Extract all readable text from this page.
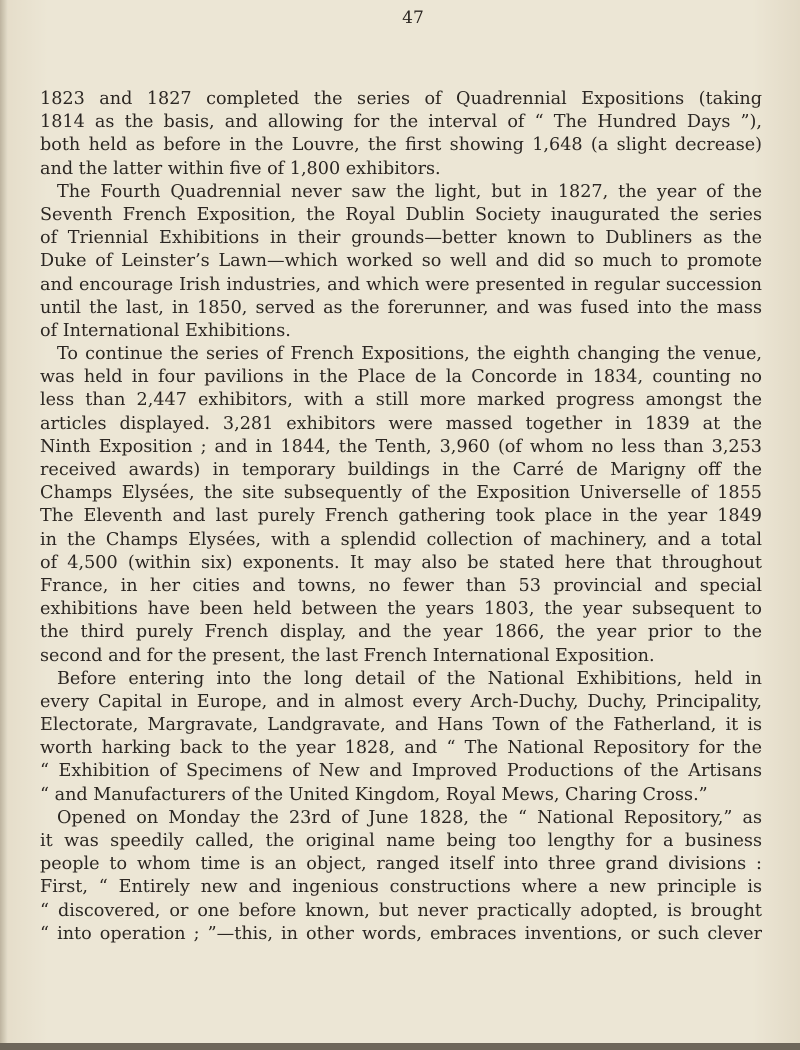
47
1823 and 1827 completed the series of Quadrennial Expositions (taking
1814 as the basis, and allowing for the interval of “ The Hundred Days ”),
both held as before in the Louvre, the first showing 1,648 (a slight decrease)
and the latter within five of 1,800 exhibitors.
The Fourth Quadrennial never saw the light, but in 1827, the year of the
Seventh French Exposition, the Royal Dublin Society inaugurated the series
of Triennial Exhibitions in their grounds—better known to Dubliners as the
Duke of Leinster’s Lawn—which worked so well and did so much to promote
and encourage Irish industries, and which were presented in regular succession
until the last, in 1850, served as the forerunner, and was fused into the mass
of International Exhibitions.
To continue the series of French Expositions, the eighth changing the venue,
was held in four pavilions in the Place de la Concorde in 1834, counting no
less than 2,447 exhibitors, with a still more marked progress amongst the
articles displayed. 3,281 exhibitors were massed together in 1839 at the
Ninth Exposition ; and in 1844, the Tenth, 3,960 (of whom no less than 3,253
received awards) in temporary buildings in the Carré de Marigny off the
Champs Elysées, the site subsequently of the Exposition Universelle of 1855
The Eleventh and last purely French gathering took place in the year 1849
in the Champs Elysées, with a splendid collection of machinery, and a total
of 4,500 (within six) exponents. It may also be stated here that throughout
France, in her cities and towns, no fewer than 53 provincial and special
exhibitions have been held between the years 1803, the year subsequent to
the third purely French display, and the year 1866, the year prior to the
second and for the present, the last French International Exposition.
Before entering into the long detail of the National Exhibitions, held in
every Capital in Europe, and in almost every Arch-Duchy, Duchy, Principality,
Electorate, Margravate, Landgravate, and Hans Town of the Fatherland, it is
worth harking back to the year 1828, and “ The National Repository for the
“ Exhibition of Specimens of New and Improved Productions of the Artisans
“ and Manufacturers of the United Kingdom, Royal Mews, Charing Cross.”
Opened on Monday the 23rd of June 1828, the “ National Repository,” as
it was speedily called, the original name being too lengthy for a business
people to whom time is an object, ranged itself into three grand divisions :
First, “ Entirely new and ingenious constructions where a new principle is
“ discovered, or one before known, but never practically adopted, is brought
“ into operation ; ”—this, in other words, embraces inventions, or such clever
